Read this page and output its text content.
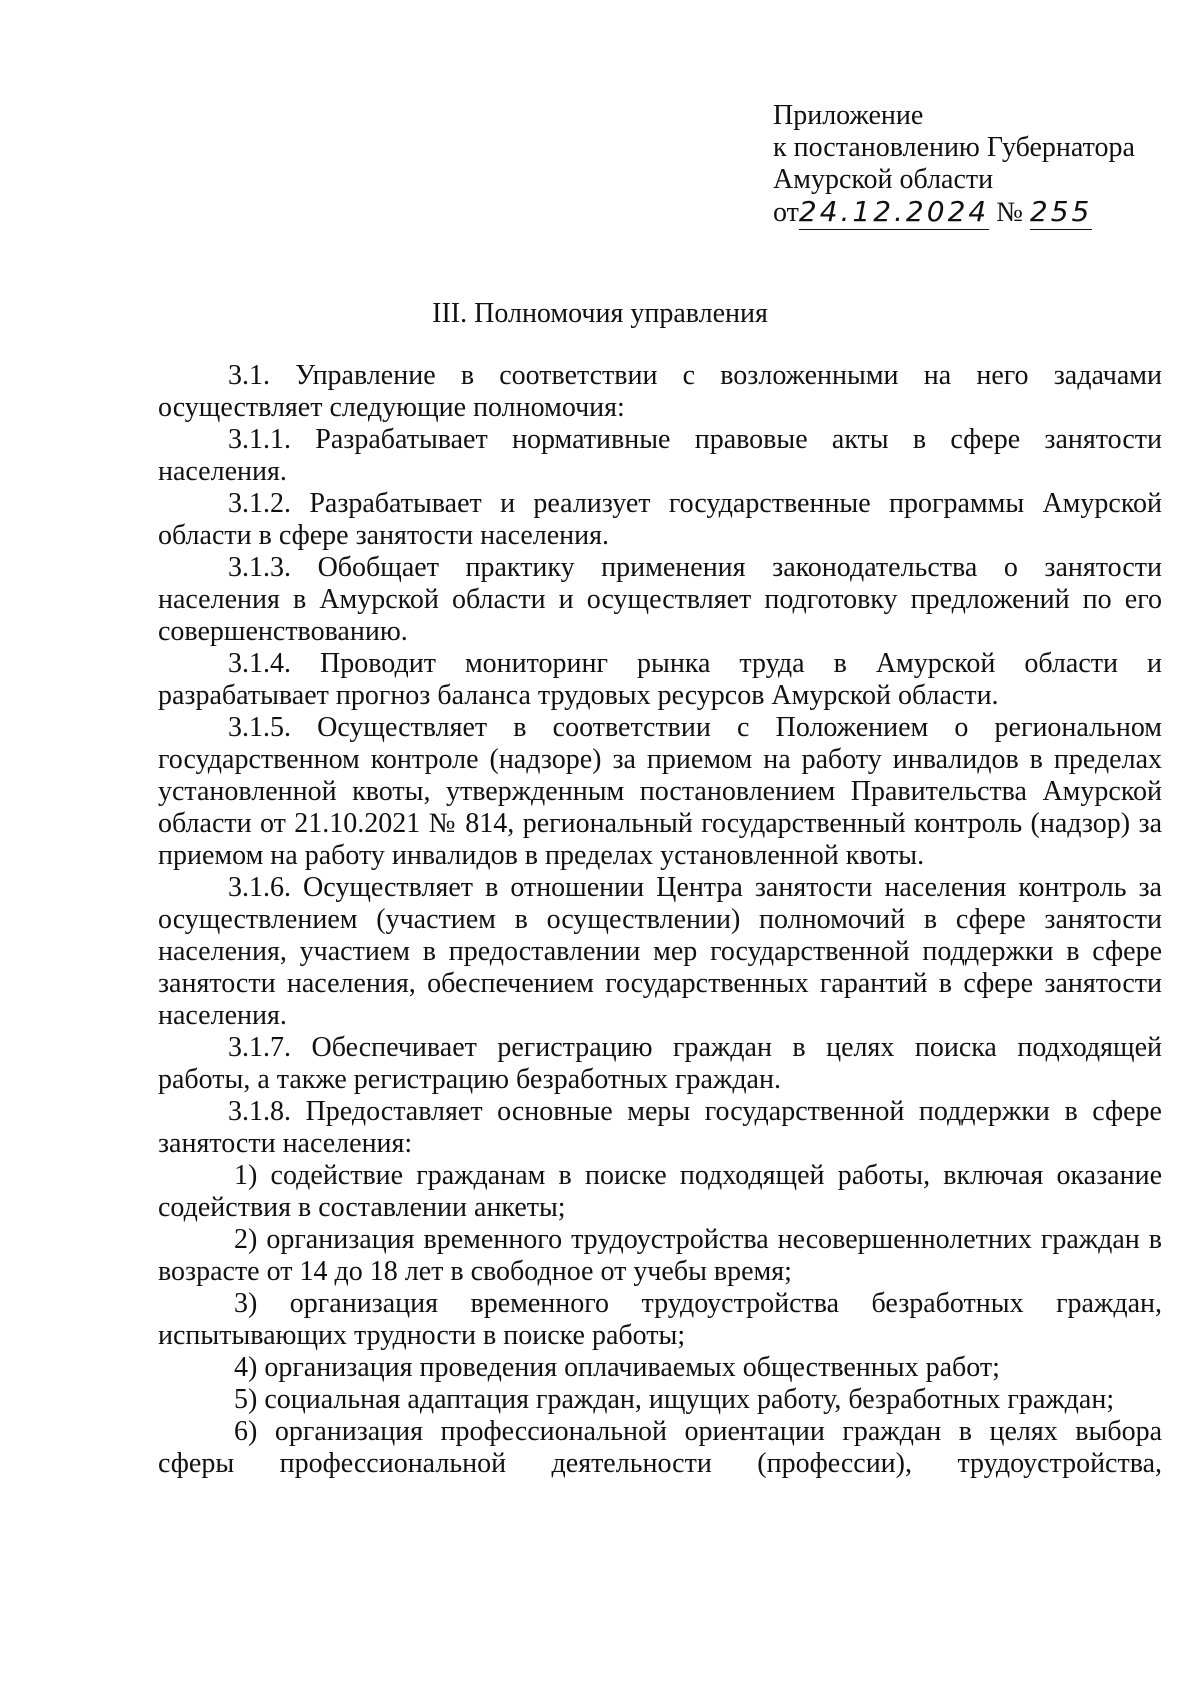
Приложение
к постановлению Губернатора
Амурской области
от24.12.2024 № 255
III. Полномочия управления

3.1. Управление в соответствии с возложенными на него задачами осуществляет следующие полномочия:

3.1.1. Разрабатывает нормативные правовые акты в сфере занятости населения.

3.1.2. Разрабатывает и реализует государственные программы Амурской области в сфере занятости населения.

3.1.3. Обобщает практику применения законодательства о занятости населения в Амурской области и осуществляет подготовку предложений по его совершенствованию.

3.1.4. Проводит мониторинг рынка труда в Амурской области и разрабатывает прогноз баланса трудовых ресурсов Амурской области.

3.1.5. Осуществляет в соответствии с Положением о региональном государственном контроле (надзоре) за приемом на работу инвалидов в пределах установленной квоты, утвержденным постановлением Правительства Амурской области от 21.10.2021 № 814, региональный государственный контроль (надзор) за приемом на работу инвалидов в пределах установленной квоты.

3.1.6. Осуществляет в отношении Центра занятости населения контроль за осуществлением (участием в осуществлении) полномочий в сфере занятости населения, участием в предоставлении мер государственной поддержки в сфере занятости населения, обеспечением государственных гарантий в сфере занятости населения.

3.1.7. Обеспечивает регистрацию граждан в целях поиска подходящей работы, а также регистрацию безработных граждан.

3.1.8. Предоставляет основные меры государственной поддержки в сфере занятости населения:

1) содействие гражданам в поиске подходящей работы, включая оказание содействия в составлении анкеты;

2) организация временного трудоустройства несовершеннолетних граждан в возрасте от 14 до 18 лет в свободное от учебы время;

3) организация временного трудоустройства безработных граждан, испытывающих трудности в поиске работы;

4) организация проведения оплачиваемых общественных работ;

5) социальная адаптация граждан, ищущих работу, безработных граждан;

6) организация профессиональной ориентации граждан в целях выбора сферы профессиональной деятельности (профессии), трудоустройства,
